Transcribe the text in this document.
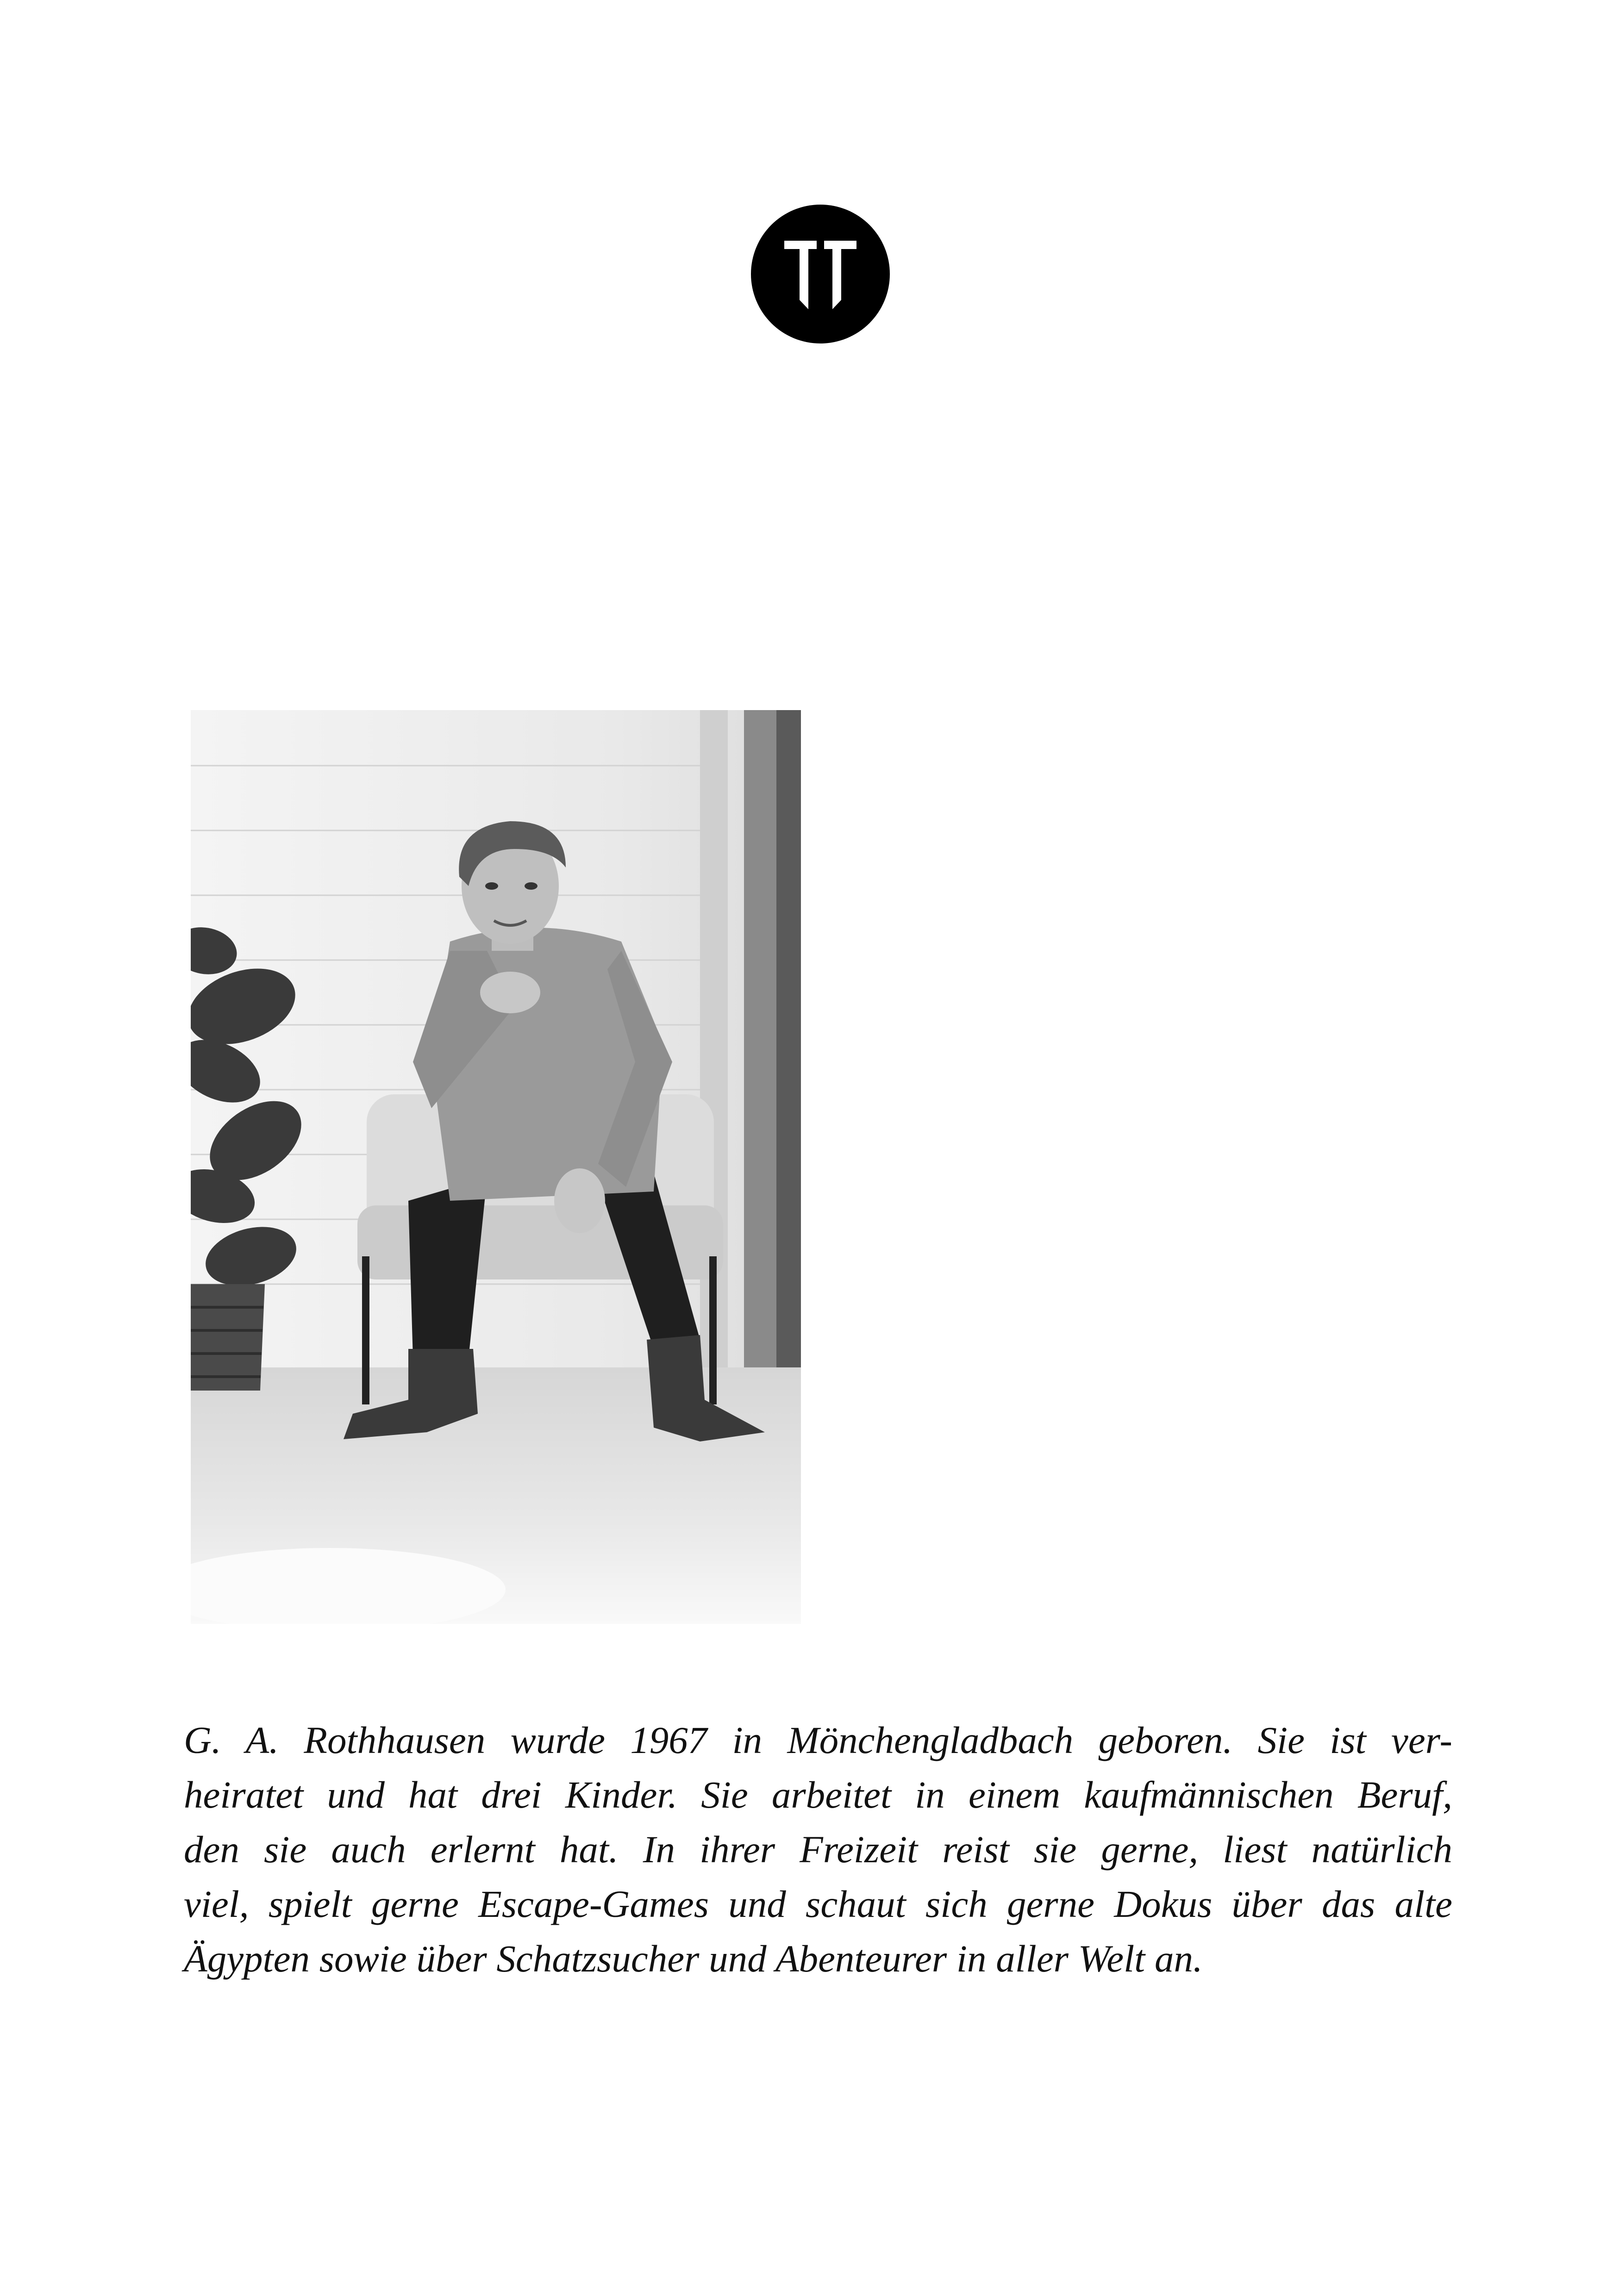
G. A. Rothhausen wurde 1967 in Mönchengladbach geboren. Sie ist ver-
heiratet und hat drei Kinder. Sie arbeitet in einem kaufmännischen Beruf,
den sie auch erlernt hat. In ihrer Freizeit reist sie gerne, liest natürlich
viel, spielt gerne Escape-Games und schaut sich gerne Dokus über das alte
Ägypten sowie über Schatzsucher und Abenteurer in aller Welt an.
